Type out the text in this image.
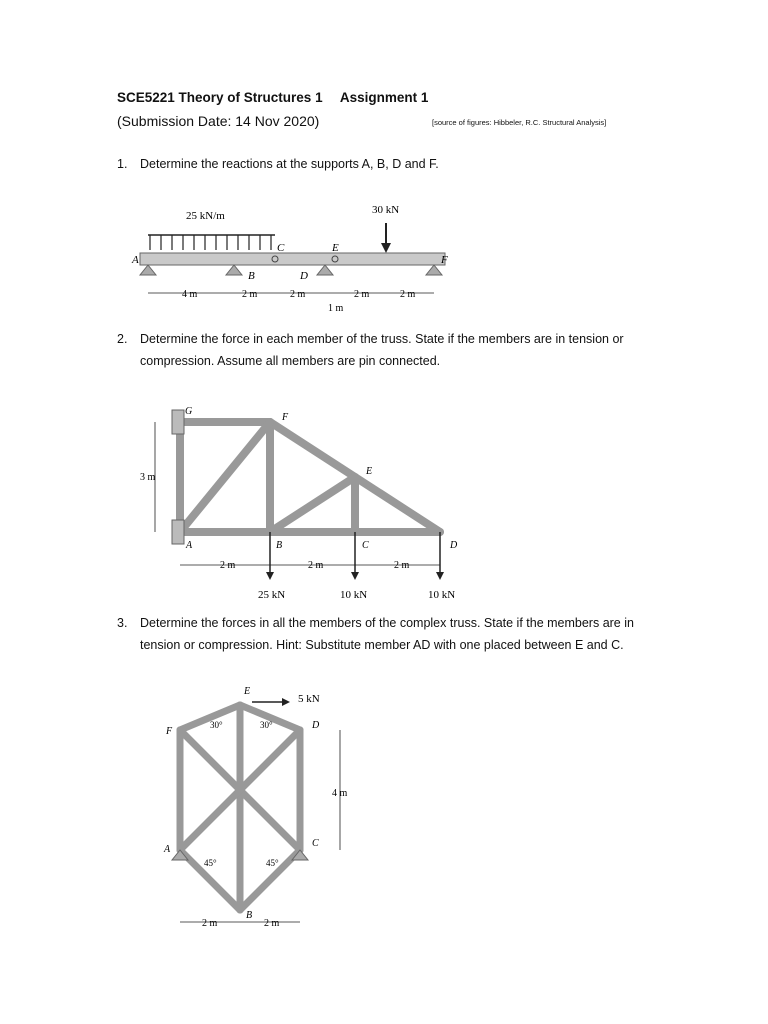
SCE5221 Theory of Structures 1 Assignment 1
(Submission Date: 14 Nov 2020)	[source of figures: Hibbeler, R.C. Structural Analysis]
1. Determine the reactions at the supports A, B, D and F.
25 kN/m	30 kN
A
B
C
D
E
F
4 m	2 m	2 m
1 m
2 m	2 m
2. Determine the force in each member of the truss. State if the members are in tension or compression. Assume all members are pin connected.
G
F
E
A	B	C	D
3 m
2 m	2 m	2 m
25 kN	10 kN	10 kN
3. Determine the forces in all the members of the complex truss. State if the members are in tension or compression. Hint: Substitute member AD with one placed between E and C.
5 kN
E
F
D
A
C
B
30°	30°
45°	45°
4 m
2 m	2 m
